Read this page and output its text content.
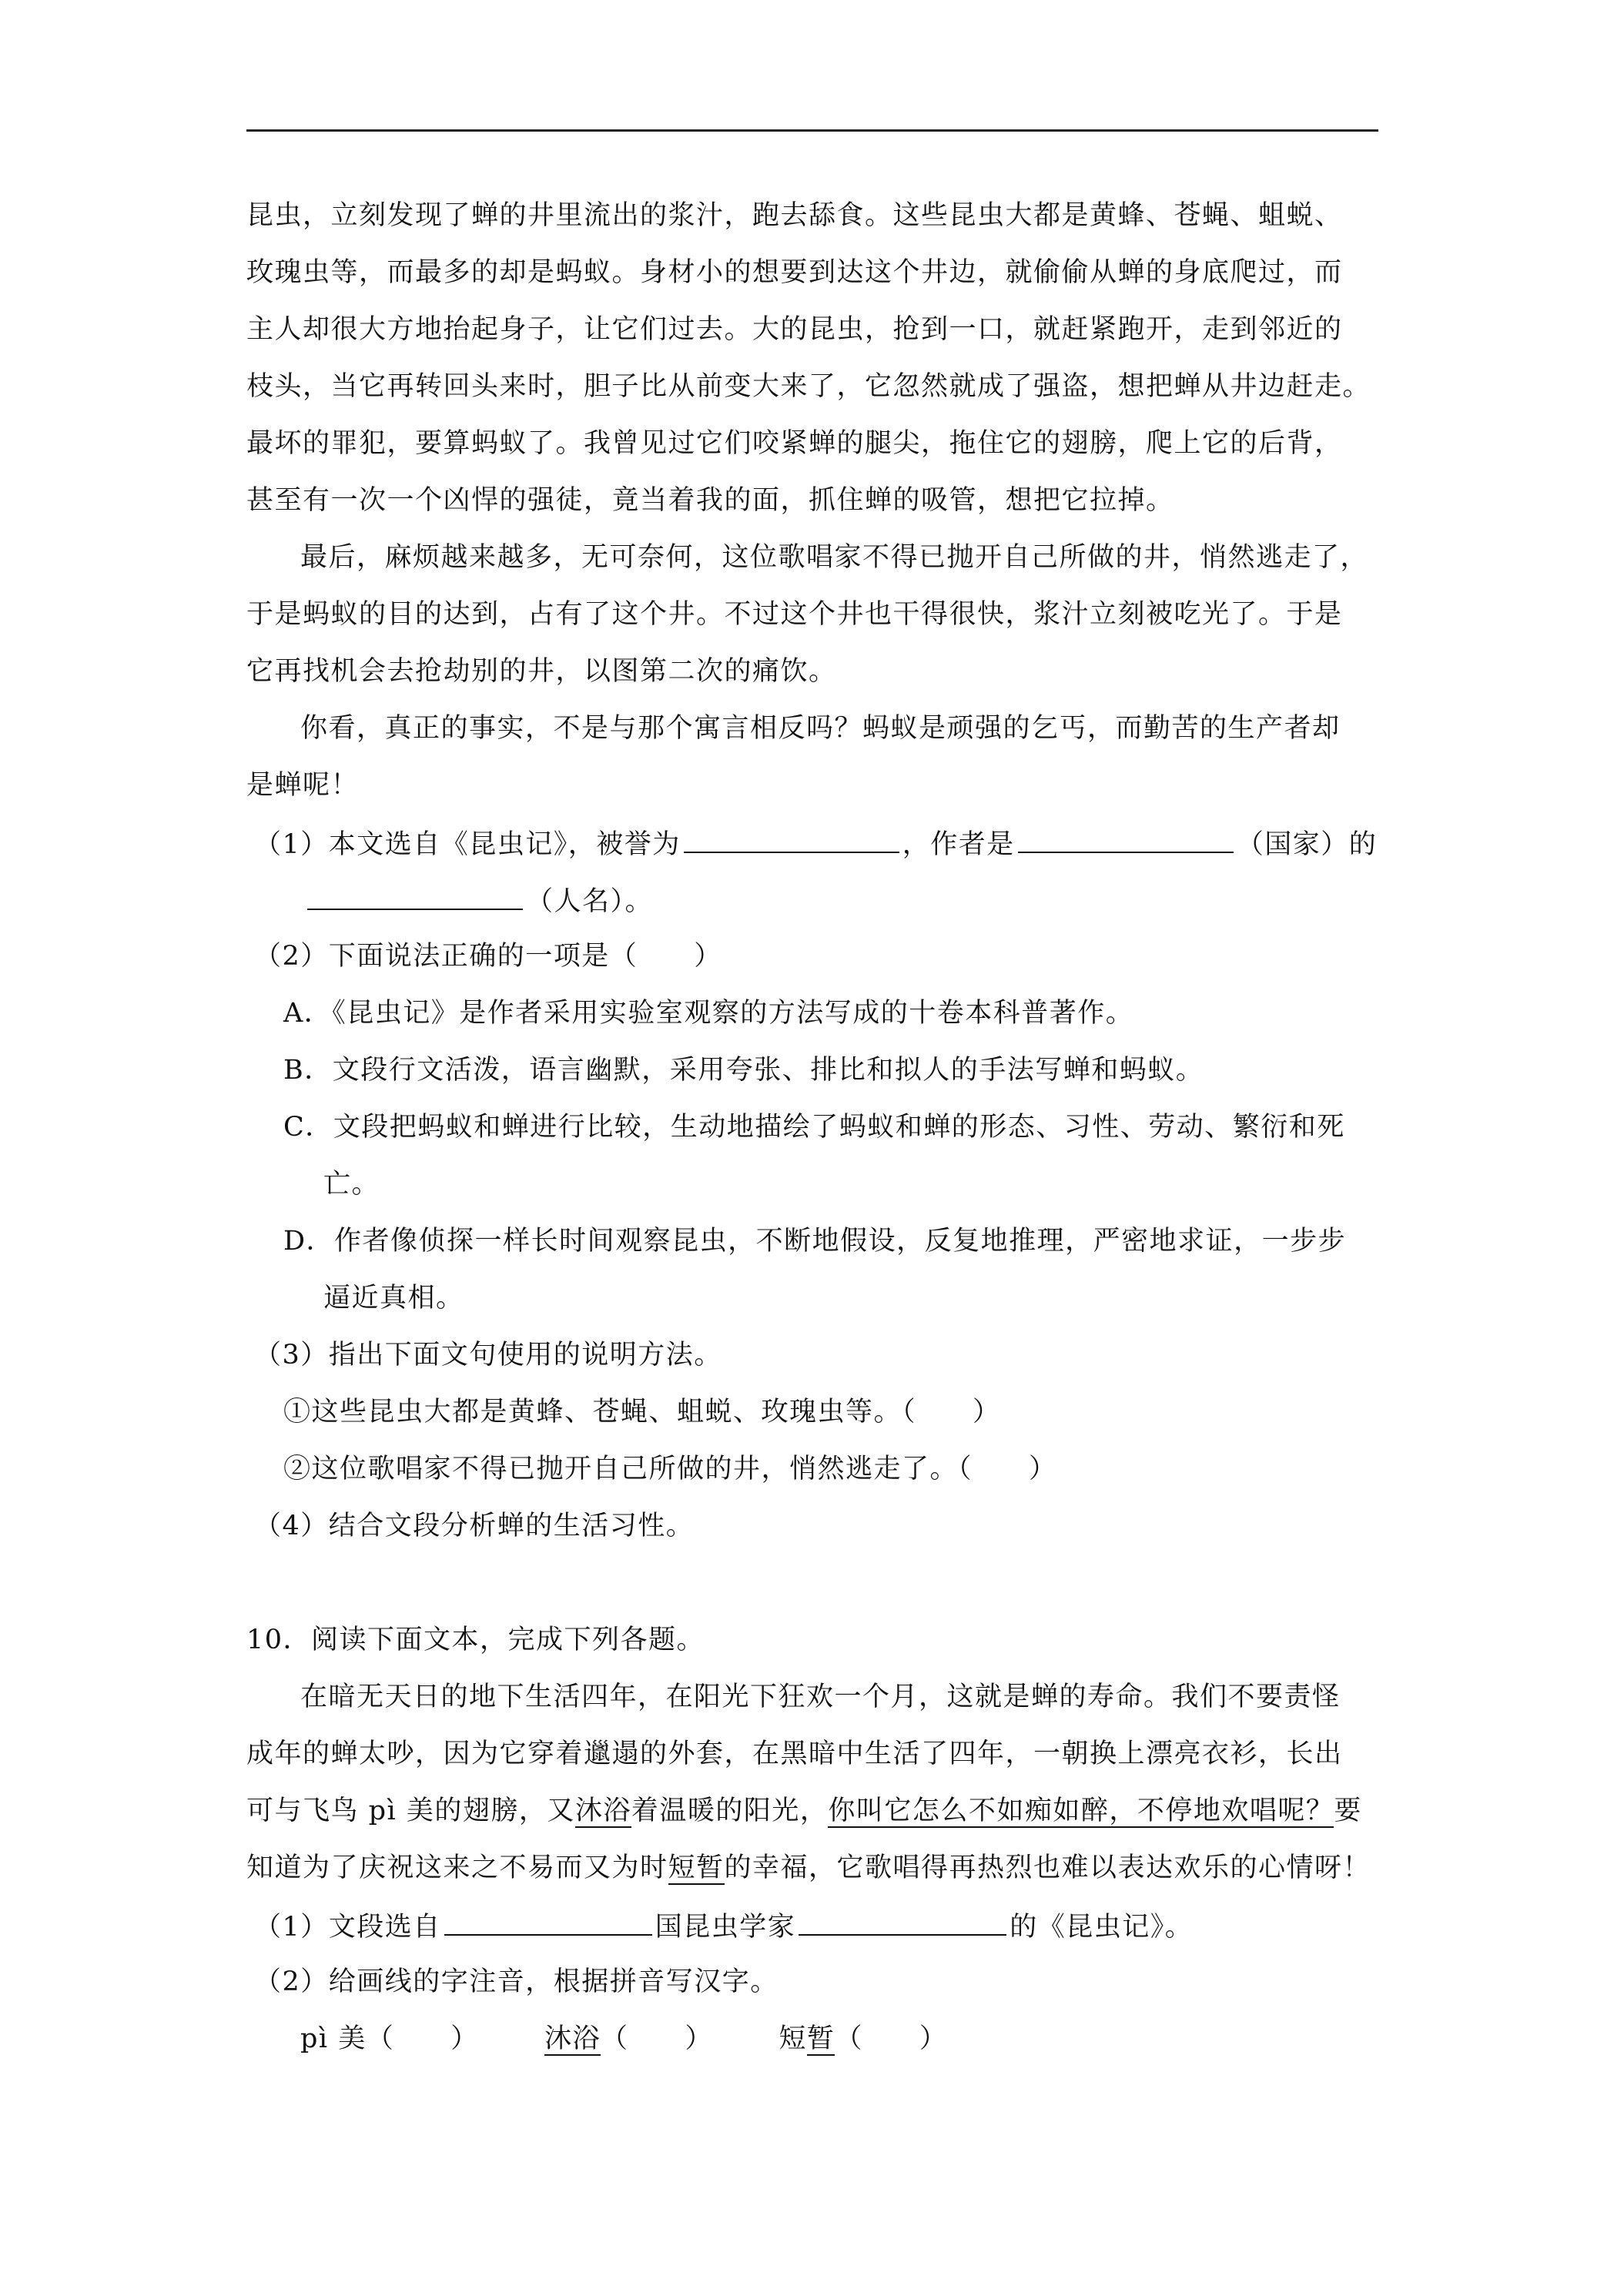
昆虫，立刻发现了蝉的井里流出的浆汁，跑去舔食。这些昆虫大都是黄蜂、苍蝇、蛆蜕、
玫瑰虫等，而最多的却是蚂蚁。身材小的想要到达这个井边，就偷偷从蝉的身底爬过，而
主人却很大方地抬起身子，让它们过去。大的昆虫，抢到一口，就赶紧跑开，走到邻近的
枝头，当它再转回头来时，胆子比从前变大来了，它忽然就成了强盗，想把蝉从井边赶走。
最坏的罪犯，要算蚂蚁了。我曾见过它们咬紧蝉的腿尖，拖住它的翅膀，爬上它的后背，
甚至有一次一个凶悍的强徒，竟当着我的面，抓住蝉的吸管，想把它拉掉。
最后，麻烦越来越多，无可奈何，这位歌唱家不得已抛开自己所做的井，悄然逃走了，
于是蚂蚁的目的达到，占有了这个井。不过这个井也干得很快，浆汁立刻被吃光了。于是
它再找机会去抢劫别的井，以图第二次的痛饮。
你看，真正的事实，不是与那个寓言相反吗？蚂蚁是顽强的乞丐，而勤苦的生产者却
是蝉呢！
（1）本文选自《昆虫记》，被誉为	，作者是	（国家）的
（人名）。
（2）下面说法正确的一项是（　　）
A．《昆虫记》是作者采用实验室观察的方法写成的十卷本科普著作。
B．文段行文活泼，语言幽默，采用夸张、排比和拟人的手法写蝉和蚂蚁。
C．文段把蚂蚁和蝉进行比较，生动地描绘了蚂蚁和蝉的形态、习性、劳动、繁衍和死
亡。
D．作者像侦探一样长时间观察昆虫，不断地假设，反复地推理，严密地求证，一步步
逼近真相。
（3）指出下面文句使用的说明方法。
①这些昆虫大都是黄蜂、苍蝇、蛆蜕、玫瑰虫等。（　　）
②这位歌唱家不得已抛开自己所做的井，悄然逃走了。（　　）
（4）结合文段分析蝉的生活习性。
10．阅读下面文本，完成下列各题。
在暗无天日的地下生活四年，在阳光下狂欢一个月，这就是蝉的寿命。我们不要责怪
成年的蝉太吵，因为它穿着邋遢的外套，在黑暗中生活了四年，一朝换上漂亮衣衫，长出
可与飞鸟 pì 美的翅膀，又沐浴着温暖的阳光，你叫它怎么不如痴如醉，不停地欢唱呢？要
知道为了庆祝这来之不易而又为时短暂的幸福，它歌唱得再热烈也难以表达欢乐的心情呀！
（1）文段选自	国昆虫学家	的《昆虫记》。
（2）给画线的字注音，根据拼音写汉字。
pì 美（　　） 沐浴（　　） 短暂（　　）
